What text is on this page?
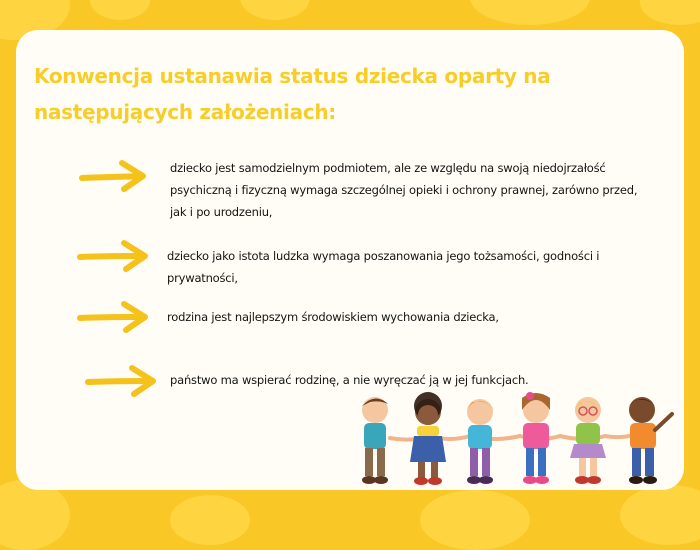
Konwencja ustanawia status dziecka oparty na następujących założeniach:

dziecko jest samodzielnym podmiotem, ale ze względu na swoją niedojrzałość psychiczną i fizyczną wymaga szczególnej opieki i ochrony prawnej, zarówno przed, jak i po urodzeniu,

dziecko jako istota ludzka wymaga poszanowania jego tożsamości, godności i prywatności,

rodzina jest najlepszym środowiskiem wychowania dziecka,

państwo ma wspierać rodzinę, a nie wyręczać ją w jej funkcjach.
